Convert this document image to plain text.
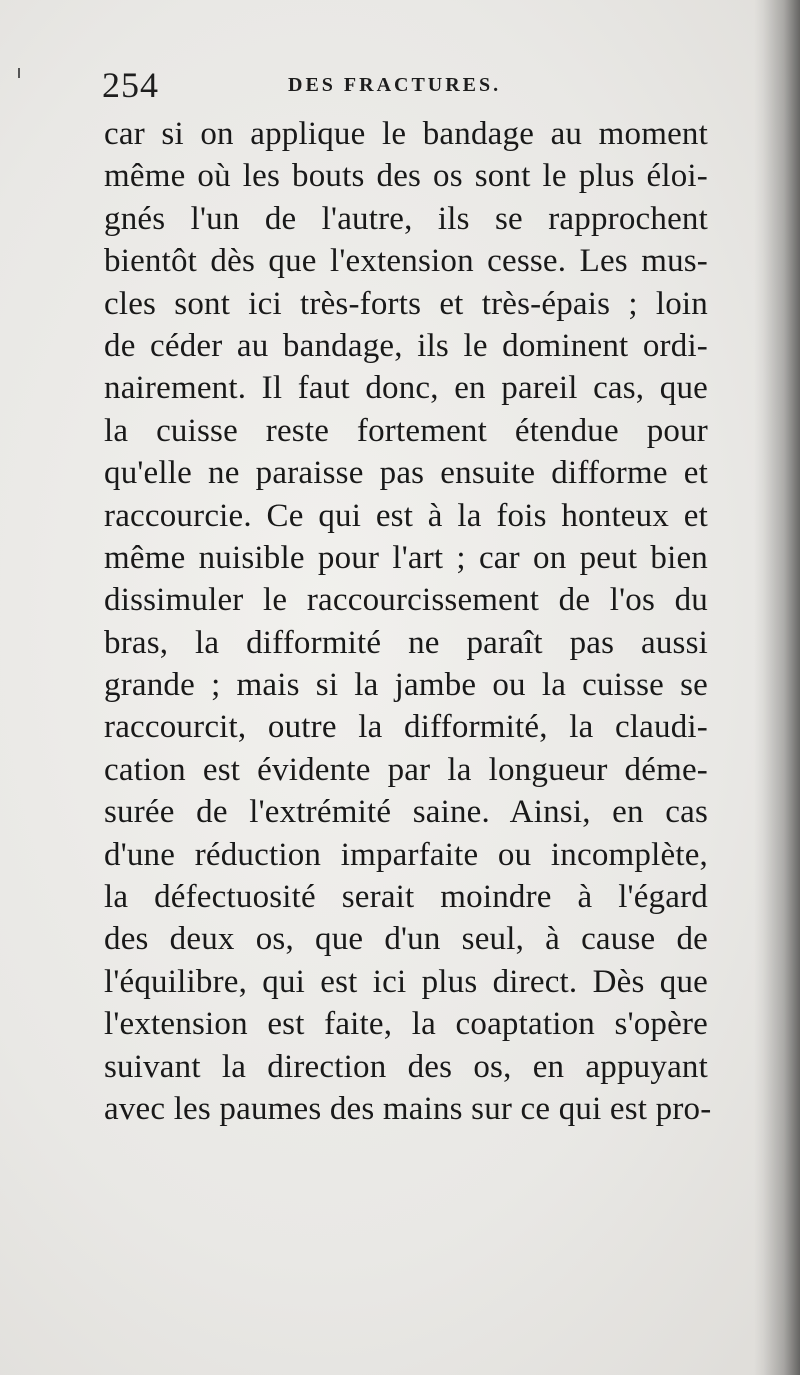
254	DES FRACTURES.
car si on applique le bandage au moment
même où les bouts des os sont le plus éloi-
gnés l'un de l'autre, ils se rapprochent
bientôt dès que l'extension cesse. Les mus-
cles sont ici très-forts et très-épais ; loin
de céder au bandage, ils le dominent ordi-
nairement. Il faut donc, en pareil cas, que
la cuisse reste fortement étendue pour
qu'elle ne paraisse pas ensuite difforme et
raccourcie. Ce qui est à la fois honteux et
même nuisible pour l'art ; car on peut bien
dissimuler le raccourcissement de l'os du
bras, la difformité ne paraît pas aussi
grande ; mais si la jambe ou la cuisse se
raccourcit, outre la difformité, la claudi-
cation est évidente par la longueur déme-
surée de l'extrémité saine. Ainsi, en cas
d'une réduction imparfaite ou incomplète,
la défectuosité serait moindre à l'égard
des deux os, que d'un seul, à cause de
l'équilibre, qui est ici plus direct. Dès que
l'extension est faite, la coaptation s'opère
suivant la direction des os, en appuyant
avec les paumes des mains sur ce qui est pro-
